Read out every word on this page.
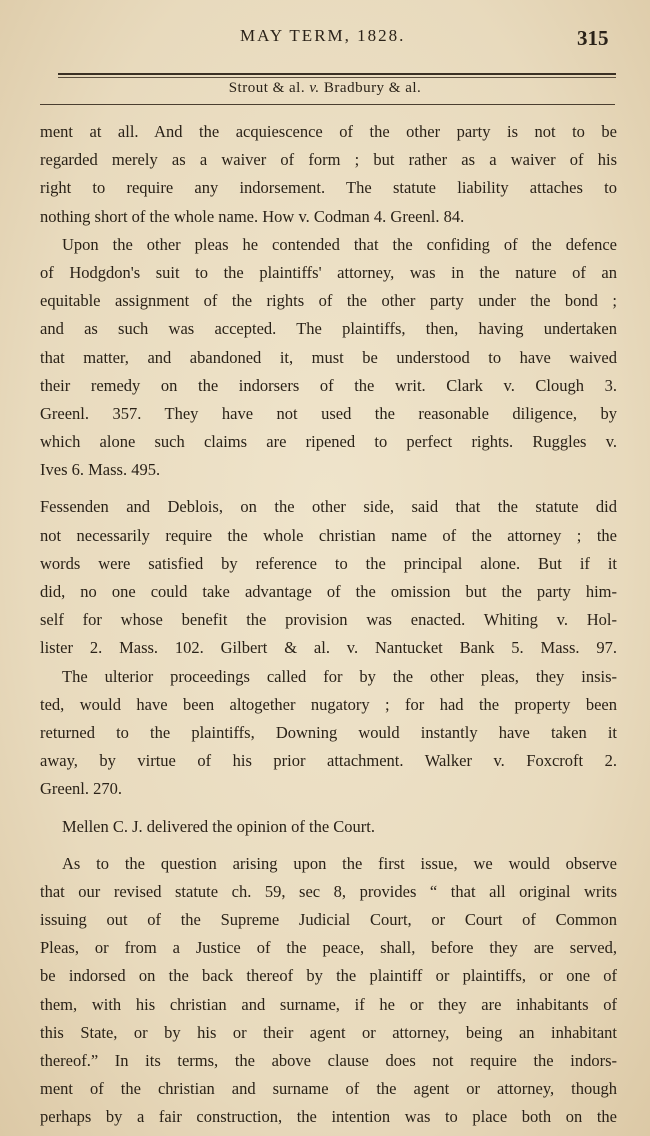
MAY TERM, 1828.	315
Strout & al. v. Bradbury & al.

ment at all. And the acquiescence of the other party is not to be
regarded merely as a waiver of form ; but rather as a waiver of his
right to require any indorsement. The statute liability attaches to
nothing short of the whole name. How v. Codman 4. Greenl. 84.

Upon the other pleas he contended that the confiding of the defence
of Hodgdon's suit to the plaintiffs' attorney, was in the nature of an
equitable assignment of the rights of the other party under the bond ;
and as such was accepted. The plaintiffs, then, having undertaken
that matter, and abandoned it, must be understood to have waived
their remedy on the indorsers of the writ. Clark v. Clough 3.
Greenl. 357. They have not used the reasonable diligence, by
which alone such claims are ripened to perfect rights. Ruggles v.
Ives 6. Mass. 495.

Fessenden and Deblois, on the other side, said that the statute did
not necessarily require the whole christian name of the attorney ; the
words were satisfied by reference to the principal alone. But if it
did, no one could take advantage of the omission but the party him-
self for whose benefit the provision was enacted. Whiting v. Hol-
lister 2. Mass. 102. Gilbert & al. v. Nantucket Bank 5. Mass. 97.

The ulterior proceedings called for by the other pleas, they insis-
ted, would have been altogether nugatory ; for had the property been
returned to the plaintiffs, Downing would instantly have taken it
away, by virtue of his prior attachment. Walker v. Foxcroft 2.
Greenl. 270.

Mellen C. J. delivered the opinion of the Court.

As to the question arising upon the first issue, we would observe
that our revised statute ch. 59, sec 8, provides “ that all original writs
issuing out of the Supreme Judicial Court, or Court of Common
Pleas, or from a Justice of the peace, shall, before they are served,
be indorsed on the back thereof by the plaintiff or plaintiffs, or one of
them, with his christian and surname, if he or they are inhabitants of
this State, or by his or their agent or attorney, being an inhabitant
thereof.” In its terms, the above clause does not require the indors-
ment of the christian and surname of the agent or attorney, though
perhaps by a fair construction, the intention was to place both on the
